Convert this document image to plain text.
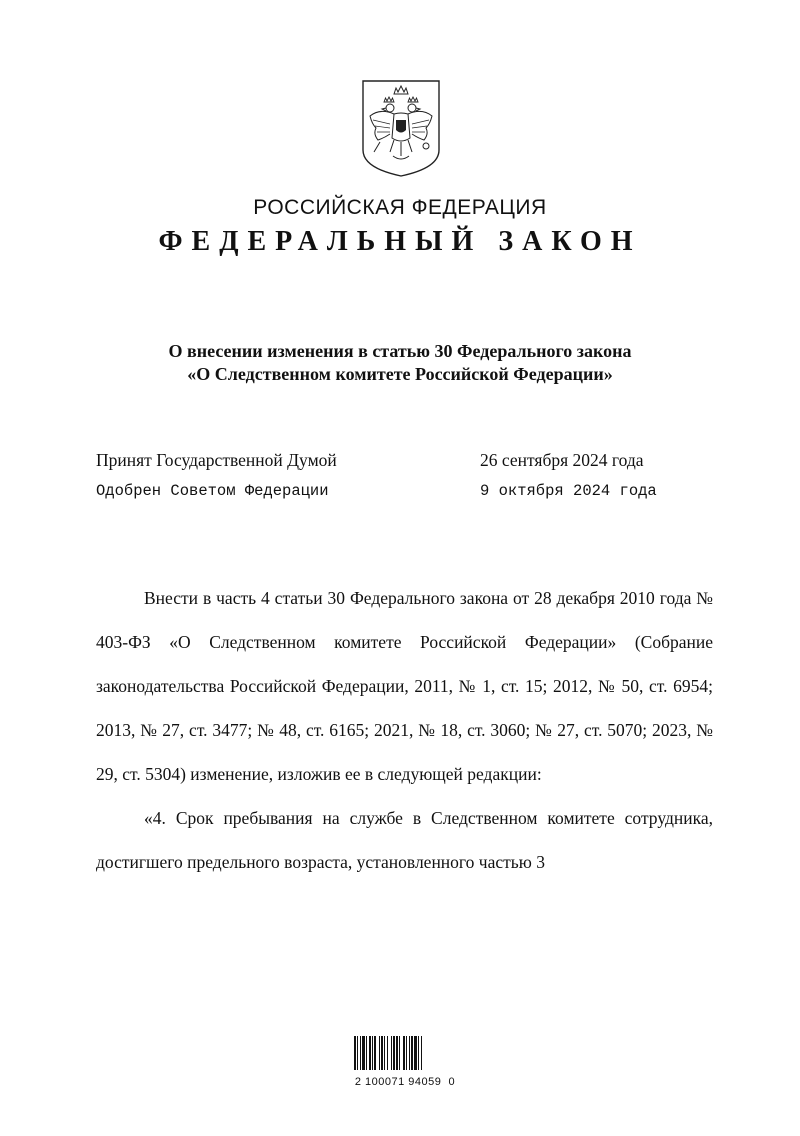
РОССИЙСКАЯ ФЕДЕРАЦИЯ
ФЕДЕРАЛЬНЫЙ ЗАКОН
О внесении изменения в статью 30 Федерального закона
«О Следственном комитете Российской Федерации»
Принят Государственной Думой	26 сентября 2024 года
Одобрен Советом Федерации	9 октября 2024 года

Внести в часть 4 статьи 30 Федерального закона от 28 декабря 2010 года № 403-ФЗ «О Следственном комитете Российской Федерации» (Собрание законодательства Российской Федерации, 2011, № 1, ст. 15; 2012, № 50, ст. 6954; 2013, № 27, ст. 3477; № 48, ст. 6165; 2021, № 18, ст. 3060; № 27, ст. 5070; 2023, № 29, ст. 5304) изменение, изложив ее в следующей редакции:

«4. Срок пребывания на службе в Следственном комитете сотрудника, достигшего предельного возраста, установленного частью 3

2 100071 94059  0
